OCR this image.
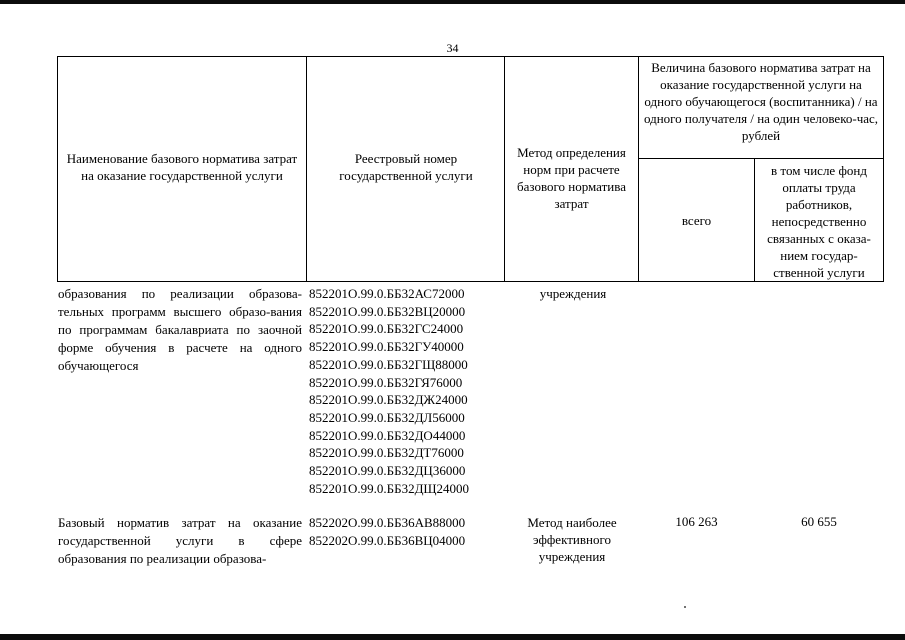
34
Наименование базового норматива затрат на оказание государственной услуги
Реестровый номер государственной услуги
Метод определения норм при расчете базового норматива затрат
Величина базового норматива затрат на оказание государственной услуги на одного обучающегося (воспитанника) / на одного получателя / на один человеко-час, рублей
всего
в том числе фонд оплаты труда работников, непосредственно связанных с оказа-нием государ-ственной услуги
образования по реализации образова-тельных программ высшего образо-вания по программам бакалавриата по заочной форме обучения в расчете на одного обучающегося
852201О.99.0.ББ32АС72000
852201О.99.0.ББ32ВЦ20000
852201О.99.0.ББ32ГС24000
852201О.99.0.ББ32ГУ40000
852201О.99.0.ББ32ГЩ88000
852201О.99.0.ББ32ГЯ76000
852201О.99.0.ББ32ДЖ24000
852201О.99.0.ББ32ДЛ56000
852201О.99.0.ББ32ДО44000
852201О.99.0.ББ32ДТ76000
852201О.99.0.ББ32ДЦ36000
852201О.99.0.ББ32ДЩ24000
учреждения
Базовый норматив затрат на оказание государственной услуги в сфере образования по реализации образова-
852202О.99.0.ББ36АВ88000
852202О.99.0.ББ36ВЦ04000
Метод наиболее эффективного учреждения
106 263	60 655
